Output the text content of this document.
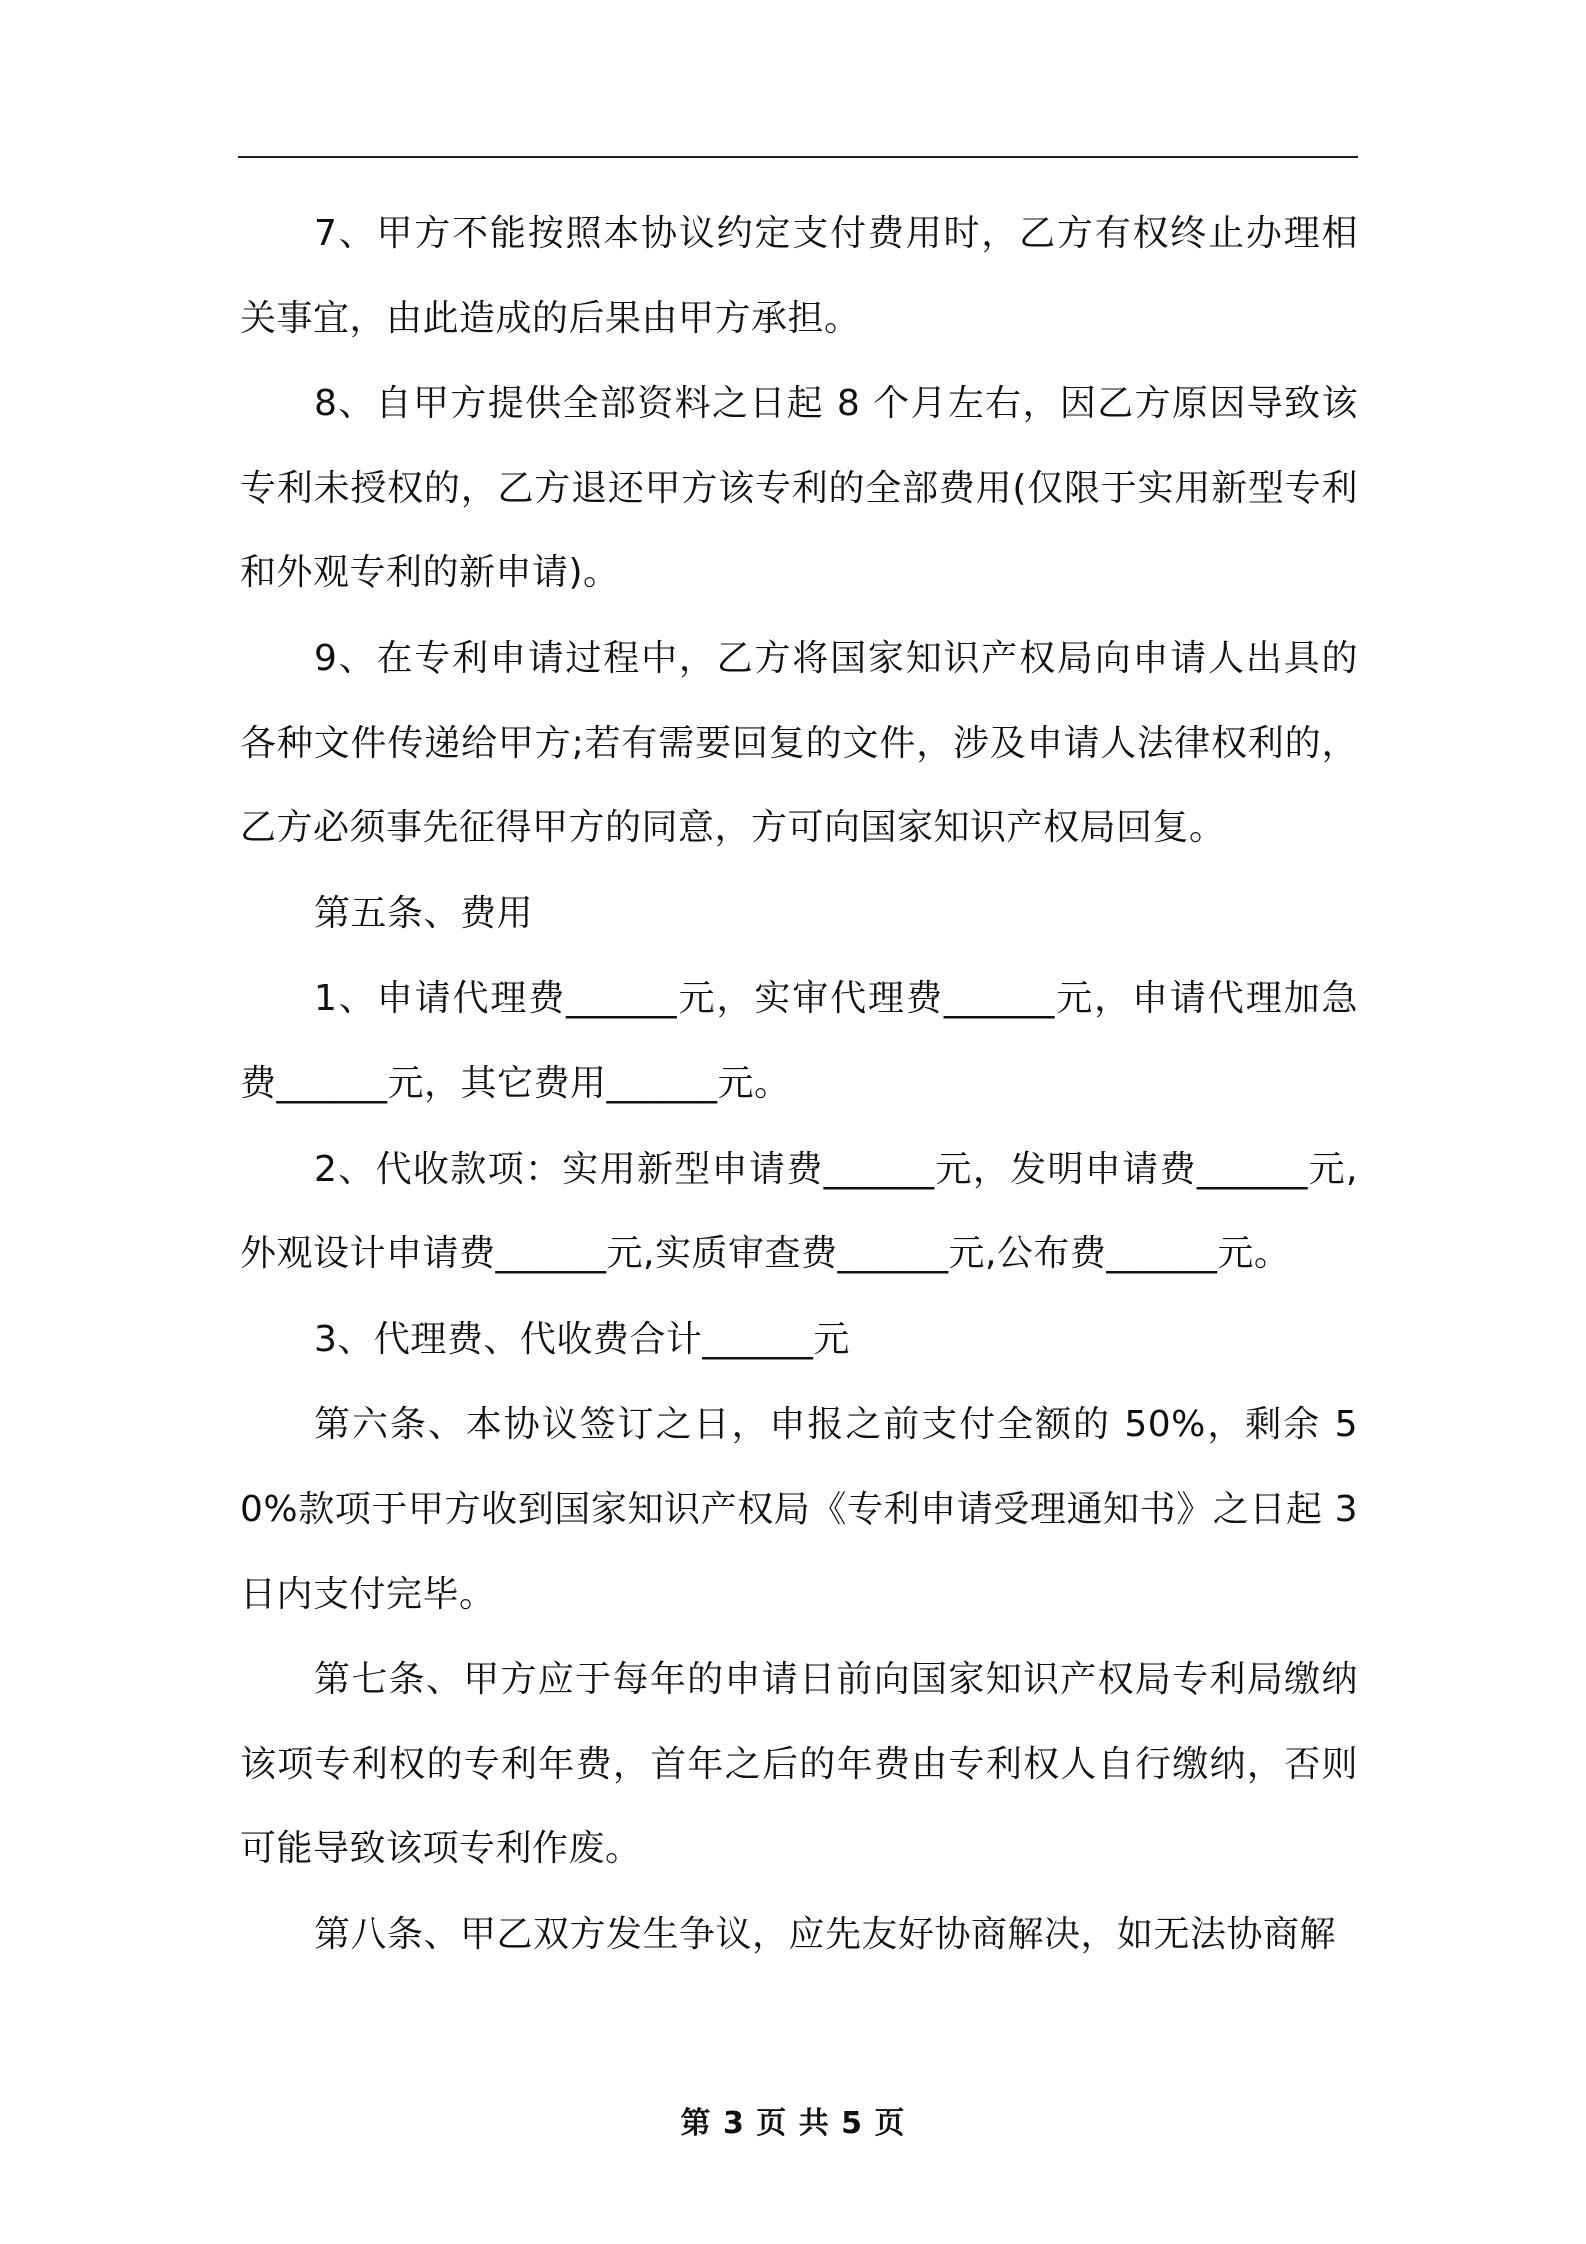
7、甲方不能按照本协议约定支付费用时，乙方有权终止办理相关事宜，由此造成的后果由甲方承担。

8、自甲方提供全部资料之日起 8 个月左右，因乙方原因导致该专利未授权的，乙方退还甲方该专利的全部费用(仅限于实用新型专利和外观专利的新申请)。

9、在专利申请过程中，乙方将国家知识产权局向申请人出具的各种文件传递给甲方;若有需要回复的文件，涉及申请人法律权利的，乙方必须事先征得甲方的同意，方可向国家知识产权局回复。

第五条、费用

1、申请代理费______元，实审代理费______元，申请代理加急费______元，其它费用______元。

2、代收款项：实用新型申请费______元，发明申请费______元,外观设计申请费______元,实质审查费______元,公布费______元。

3、代理费、代收费合计______元

第六条、本协议签订之日，申报之前支付全额的 50%，剩余 50%款项于甲方收到国家知识产权局《专利申请受理通知书》之日起 3 日内支付完毕。

第七条、甲方应于每年的申请日前向国家知识产权局专利局缴纳该项专利权的专利年费，首年之后的年费由专利权人自行缴纳，否则可能导致该项专利作废。

第八条、甲乙双方发生争议，应先友好协商解决，如无法协商解

第 3 页 共 5 页
